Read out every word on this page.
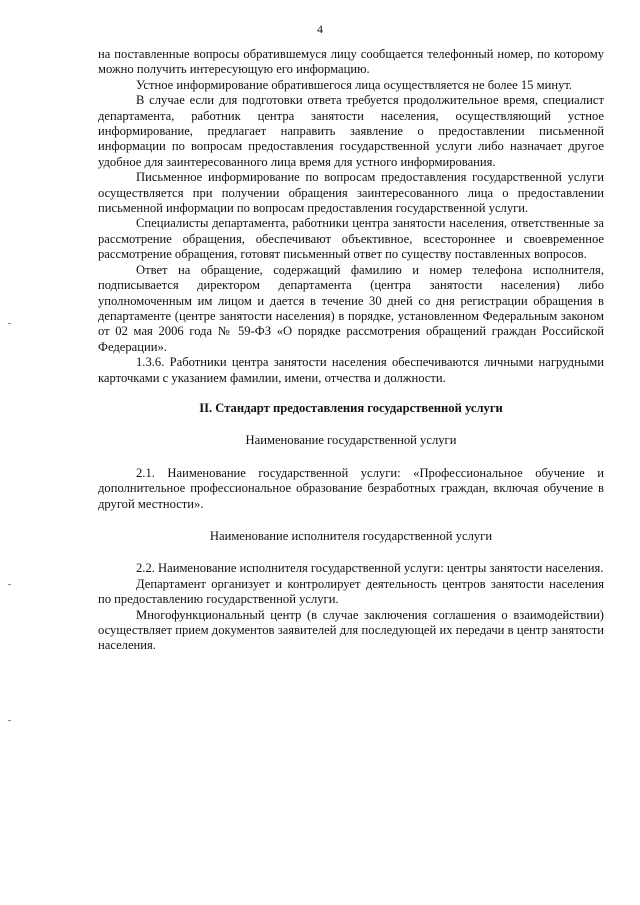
4

на поставленные вопросы обратившемуся лицу сообщается телефонный номер, по которому можно получить интересующую его информацию.

Устное информирование обратившегося лица осуществляется не более 15 минут.

В случае если для подготовки ответа требуется продолжительное время, специалист департамента, работник центра занятости населения, осуществляющий устное информирование, предлагает направить заявление о предоставлении письменной информации по вопросам предоставления государственной услуги либо назначает другое удобное для заинтересованного лица время для устного информирования.

Письменное информирование по вопросам предоставления государственной услуги осуществляется при получении обращения заинтересованного лица о предоставлении письменной информации по вопросам предоставления государственной услуги.

Специалисты департамента, работники центра занятости населения, ответственные за рассмотрение обращения, обеспечивают объективное, всестороннее и своевременное рассмотрение обращения, готовят письменный ответ по существу поставленных вопросов.

Ответ на обращение, содержащий фамилию и номер телефона исполнителя, подписывается директором департамента (центра занятости населения) либо уполномоченным им лицом и дается в течение 30 дней со дня регистрации обращения в департаменте (центре занятости населения) в порядке, установленном Федеральным законом от 02 мая 2006 года № 59-ФЗ «О порядке рассмотрения обращений граждан Российской Федерации».

1.3.6. Работники центра занятости населения обеспечиваются личными нагрудными карточками с указанием фамилии, имени, отчества и должности.

II. Стандарт предоставления государственной услуги

Наименование государственной услуги

2.1. Наименование государственной услуги: «Профессиональное обучение и дополнительное профессиональное образование безработных граждан, включая обучение в другой местности».

Наименование исполнителя государственной услуги

2.2. Наименование исполнителя государственной услуги: центры занятости населения.

Департамент организует и контролирует деятельность центров занятости населения по предоставлению государственной услуги.

Многофункциональный центр (в случае заключения соглашения о взаимодействии) осуществляет прием документов заявителей для последующей их передачи в центр занятости населения.
